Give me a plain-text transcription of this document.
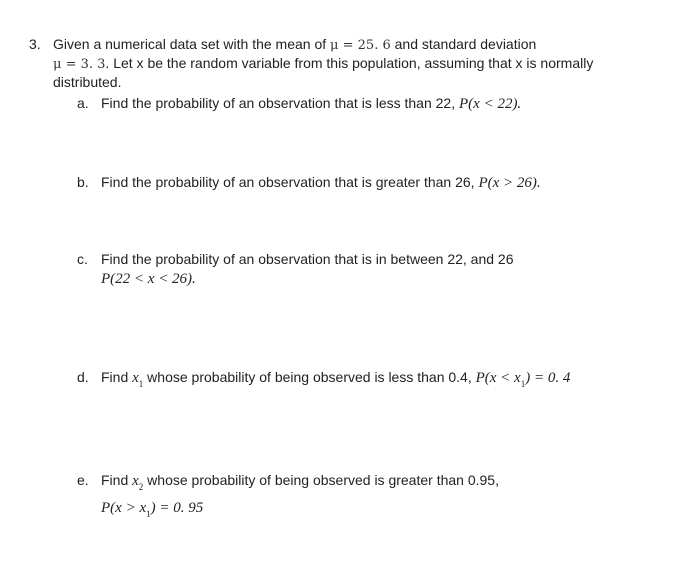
3. Given a numerical data set with the mean of μ = 25. 6 and standard deviation
μ = 3. 3. Let x be the random variable from this population, assuming that x is normally
distributed.
a. Find the probability of an observation that is less than 22, P(x < 22).
b. Find the probability of an observation that is greater than 26, P(x > 26).
c. Find the probability of an observation that is in between 22, and 26
P(22 < x < 26).
d. Find $x_1$ whose probability of being observed is less than 0.4, $P(x < x_1) = 0$. 4
e. Find $x_2$ whose probability of being observed is greater than 0.95,
$P(x > x_1) = 0$. 95
